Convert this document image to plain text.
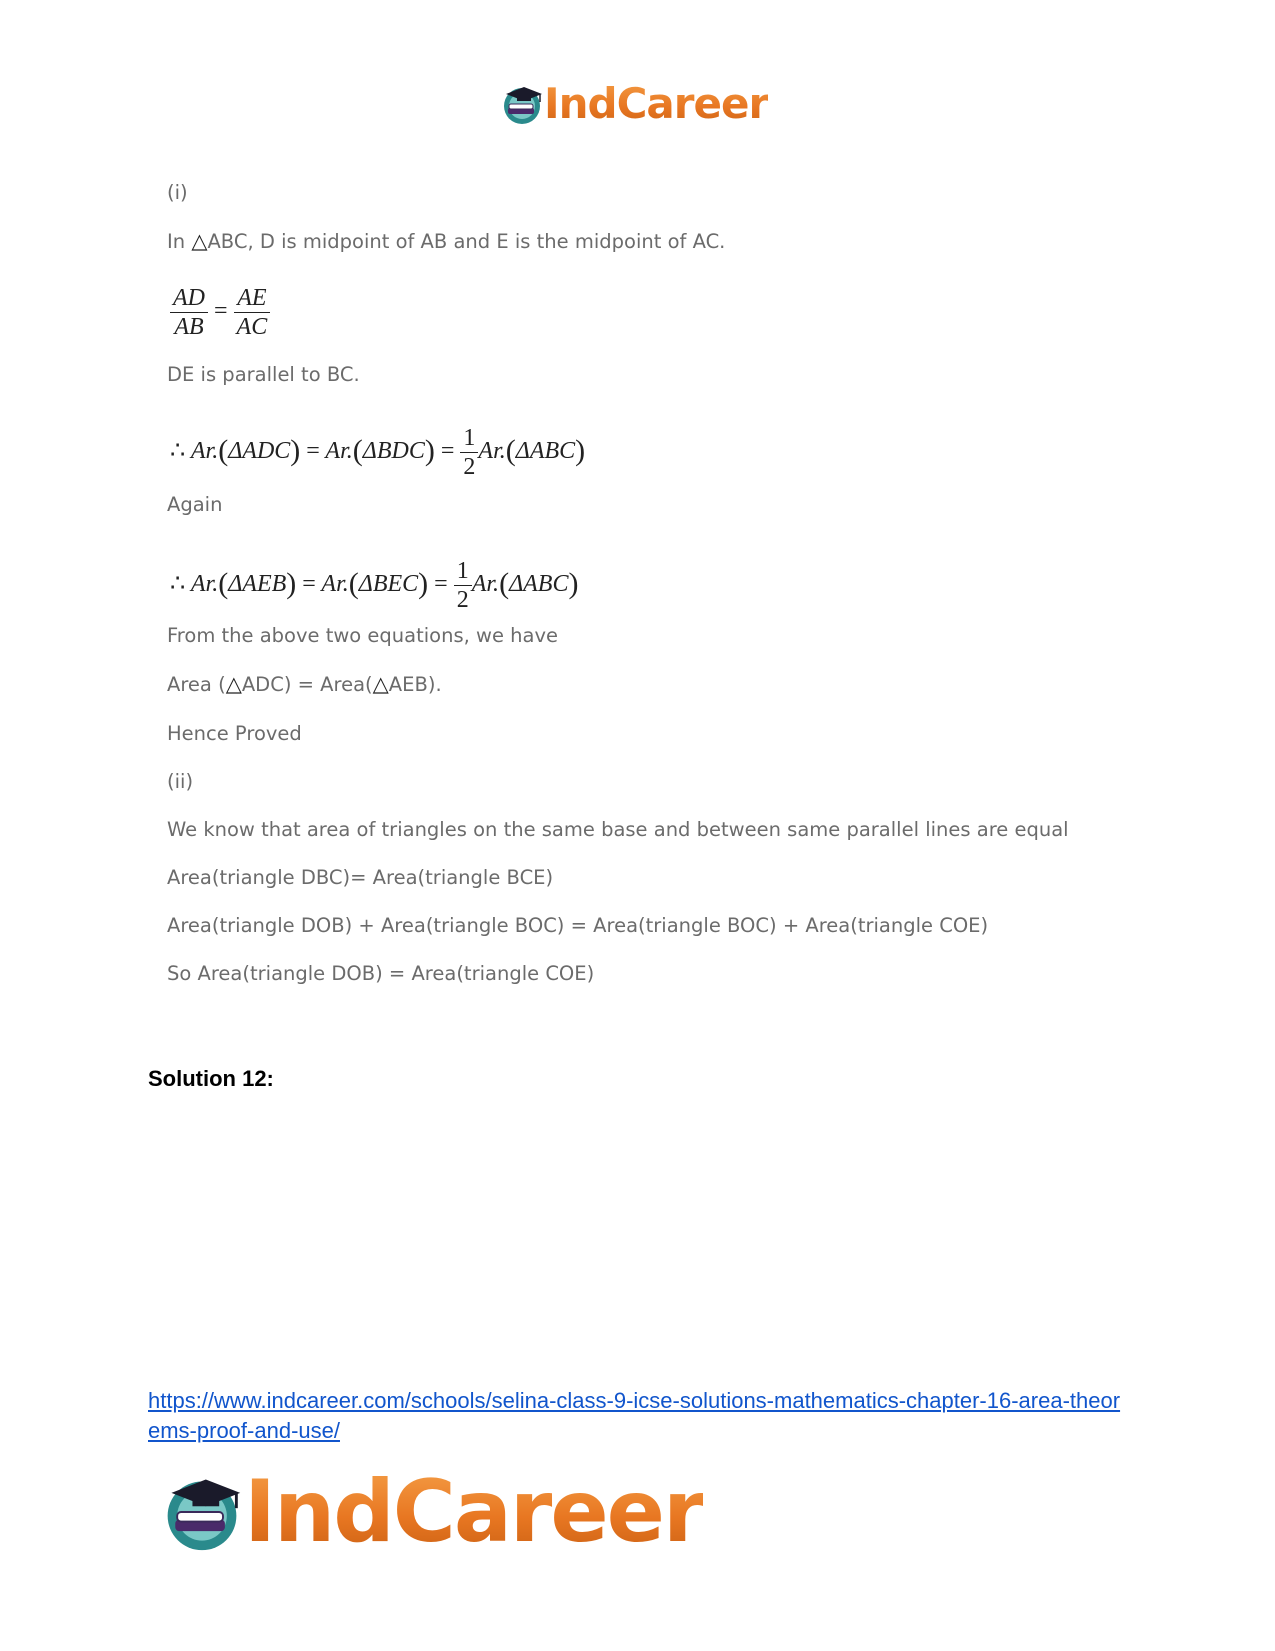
IndCareer
(i)
In △ABC, D is midpoint of AB and E is the midpoint of AC.
$\frac{AD}{AB} = \frac{AE}{AC}$
DE is parallel to BC.
∴ $Ar.(\Delta ADC) = Ar.(\Delta BDC) = \frac{1}{2} Ar.(\Delta ABC)$
Again
∴ $Ar.(\Delta AEB) = Ar.(\Delta BEC) = \frac{1}{2} Ar.(\Delta ABC)$
From the above two equations, we have
Area (△ADC) = Area(△AEB).
Hence Proved
(ii)
We know that area of triangles on the same base and between same parallel lines are equal
Area(triangle DBC)= Area(triangle BCE)
Area(triangle DOB) + Area(triangle BOC) = Area(triangle BOC) + Area(triangle COE)
So Area(triangle DOB) = Area(triangle COE)
Solution 12:
https://www.indcareer.com/schools/selina-class-9-icse-solutions-mathematics-chapter-16-area-theorems-proof-and-use/
IndCareer
